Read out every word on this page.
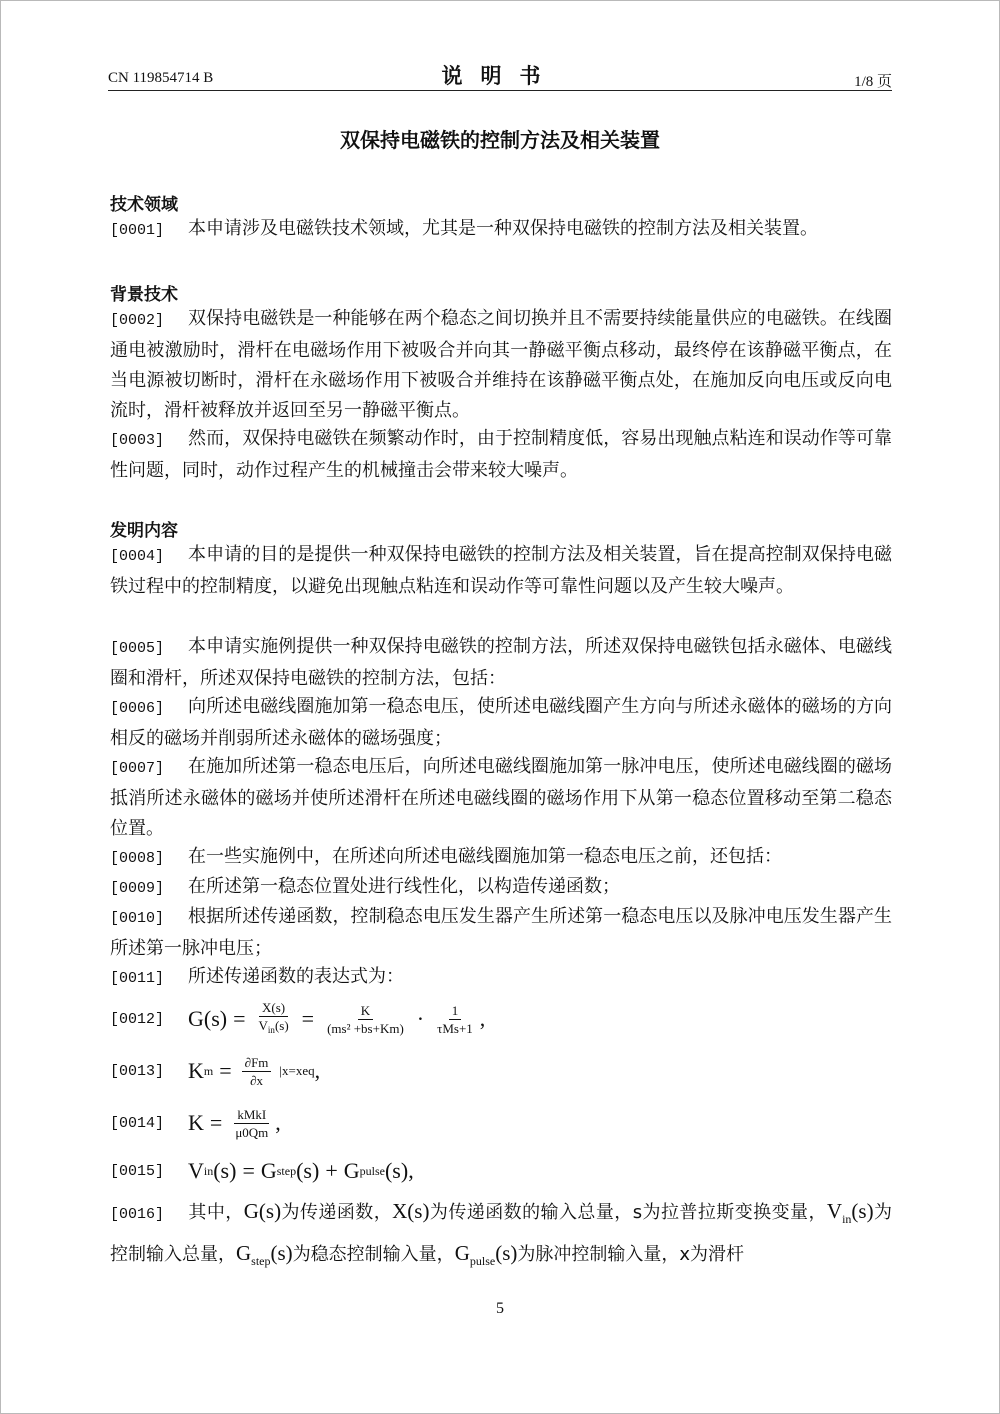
CN 119854714 B	说明书	1/8 页
双保持电磁铁的控制方法及相关装置
技术领域
[0001] 本申请涉及电磁铁技术领域，尤其是一种双保持电磁铁的控制方法及相关装置。
背景技术
[0002] 双保持电磁铁是一种能够在两个稳态之间切换并且不需要持续能量供应的电磁铁。在线圈通电被激励时，滑杆在电磁场作用下被吸合并向其一静磁平衡点移动，最终停在该静磁平衡点，在当电源被切断时，滑杆在永磁场作用下被吸合并维持在该静磁平衡点处，在施加反向电压或反向电流时，滑杆被释放并返回至另一静磁平衡点。
[0003] 然而，双保持电磁铁在频繁动作时，由于控制精度低，容易出现触点粘连和误动作等可靠性问题，同时，动作过程产生的机械撞击会带来较大噪声。
发明内容
[0004] 本申请的目的是提供一种双保持电磁铁的控制方法及相关装置，旨在提高控制双保持电磁铁过程中的控制精度，以避免出现触点粘连和误动作等可靠性问题以及产生较大噪声。
[0005] 本申请实施例提供一种双保持电磁铁的控制方法，所述双保持电磁铁包括永磁体、电磁线圈和滑杆，所述双保持电磁铁的控制方法，包括：
[0006] 向所述电磁线圈施加第一稳态电压，使所述电磁线圈产生方向与所述永磁体的磁场的方向相反的磁场并削弱所述永磁体的磁场强度；
[0007] 在施加所述第一稳态电压后，向所述电磁线圈施加第一脉冲电压，使所述电磁线圈的磁场抵消所述永磁体的磁场并使所述滑杆在所述电磁线圈的磁场作用下从第一稳态位置移动至第二稳态位置。
[0008] 在一些实施例中，在所述向所述电磁线圈施加第一稳态电压之前，还包括：
[0009] 在所述第一稳态位置处进行线性化，以构造传递函数；
[0010] 根据所述传递函数，控制稳态电压发生器产生所述第一稳态电压以及脉冲电压发生器产生所述第一脉冲电压；
[0011] 所述传递函数的表达式为：
[0012]	$G(s) = \frac{X(s)}{V_{in}(s)} = \frac{K}{\text{(ms² +bs+Km)}} \cdot \frac{1}{\text{τMs+1}}$ ,
[0013]	K $m = \frac{\partial Fm}{\partial x} |x=xeq$ ,
[0014]	$K = \frac{\text{kMkI}}{\mu 0Qm}$ ,
[0015]	V in (s) = G step (s) + G pulse (s) ,
[0016] 其中，G(s)为传递函数，X(s)为传递函数的输入总量，s为拉普拉斯变换变量，$V_{in}(s)$为控制输入总量，$G_{step}(s)$为稳态控制输入量，$G_{pulse}(s)$为脉冲控制输入量，x为滑杆
5
